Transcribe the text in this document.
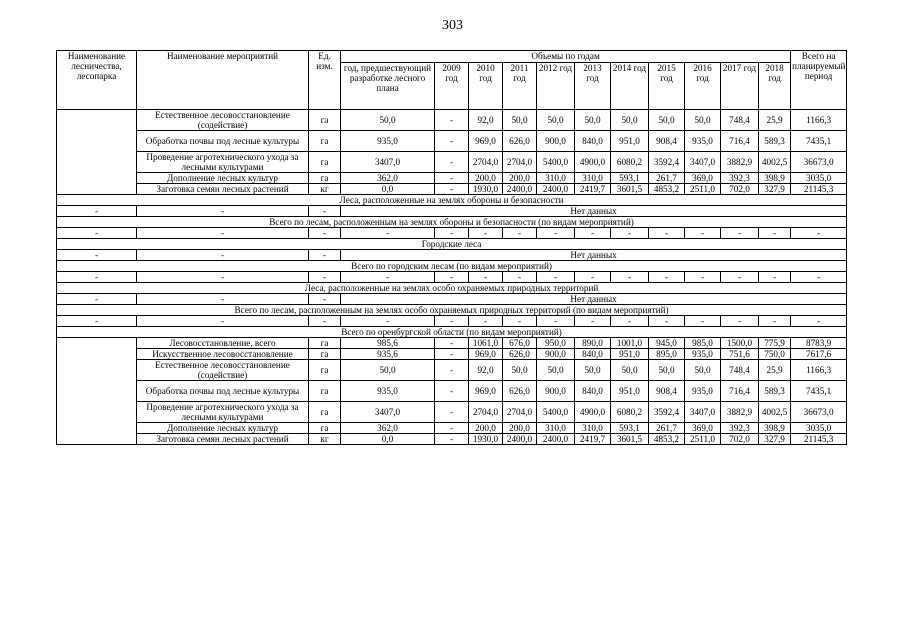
303
Наименование лесничества, лесопарка	Наименование мероприятий	Ед. изм.	Объемы по годам											Всего на планируемый период
			год, предшествующий разработке лесного плана	2009 год	2010 год	2011 год	2012 год	2013 год	2014 год	2015 год	2016 год	2017 год	2018 год	
	Естественное лесовосстановление (содействие)	га	50,0	-	92,0	50,0	50,0	50,0	50,0	50,0	50,0	748,4	25,9	1166,3
	Обработка почвы под лесные культуры	га	935,0	-	969,0	626,0	900,0	840,0	951,0	908,4	935,0	716,4	589,3	7435,1
	Проведение агротехнического ухода за лесными культурами	га	3407,0	-	2704,0	2704,0	5400,0	4900,0	6080,2	3592,4	3407,0	3882,9	4002,5	36673,0
	Дополнение лесных культур	га	362,0	-	200,0	200,0	310,0	310,0	593,1	261,7	369,0	392,3	398,9	3035,0
	Заготовка семян лесных растений	кг	0,0	-	1930,0	2400,0	2400,0	2419,7	3601,5	4853,2	2511,0	702,0	327,9	21145,3
Леса, расположенные на землях обороны и безопасности														
-	-	-	Нет данных											
Всего по лесам, расположенным на землях обороны и безопасности (по видам мероприятий)														
-	-	-	-	-	-	-	-	-	-	-	-	-	-	-
Городские леса														
-	-	-	Нет данных											
Всего по городским лесам (по видам мероприятий)														
-	-	-	-	-	-	-	-	-	-	-	-	-	-	-
Леса, расположенные на землях особо охраняемых природных территорий														
-	-	-	Нет данных											
Всего по лесам, расположенным на землях особо охраняемых природных территорий (по видам мероприятий)														
-	-	-	-	-	-	-	-	-	-	-	-	-	-	-
Всего по оренбургской области (по видам мероприятий)														
	Лесовосстановление, всего	га	985,6	-	1061,0	676,0	950,0	890,0	1001,0	945,0	985,0	1500,0	775,9	8783,9
	Искусственное лесовосстановление	га	935,6	-	969,0	626,0	900,0	840,0	951,0	895,0	935,0	751,6	750,0	7617,6
	Естественное лесовосстановление (содействие)	га	50,0	-	92,0	50,0	50,0	50,0	50,0	50,0	50,0	748,4	25,9	1166,3
	Обработка почвы под лесные культуры	га	935,0	-	969,0	626,0	900,0	840,0	951,0	908,4	935,0	716,4	589,3	7435,1
	Проведение агротехнического ухода за лесными культурами	га	3407,0	-	2704,0	2704,0	5400,0	4900,0	6080,2	3592,4	3407,0	3882,9	4002,5	36673,0
	Дополнение лесных культур	га	362,0	-	200,0	200,0	310,0	310,0	593,1	261,7	369,0	392,3	398,9	3035,0
	Заготовка семян лесных растений	кг	0,0	-	1930,0	2400,0	2400,0	2419,7	3601,5	4853,2	2511,0	702,0	327,9	21145,3
